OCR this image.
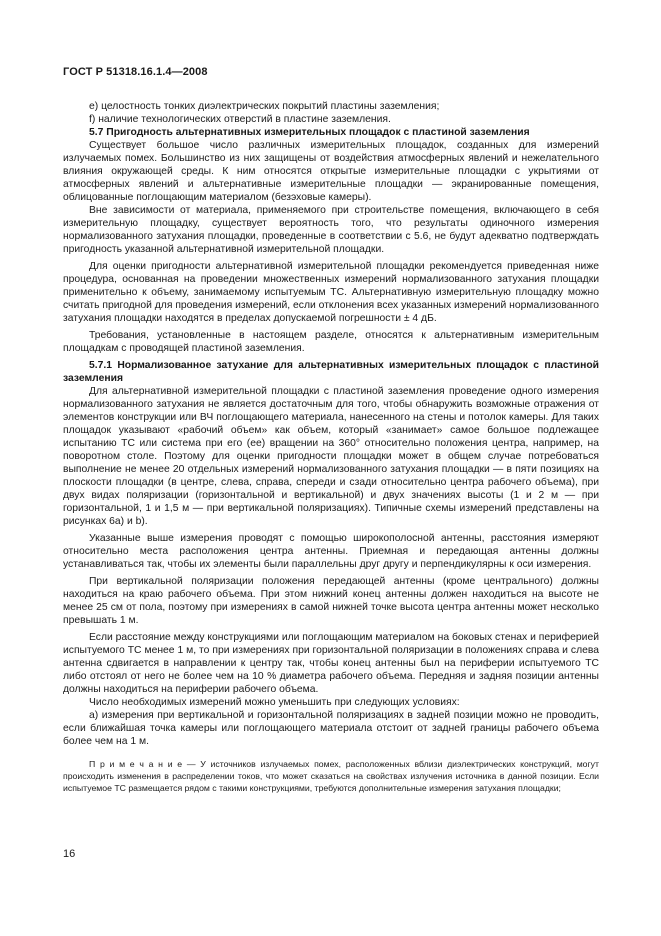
ГОСТ Р 51318.16.1.4—2008

е) целостность тонких диэлектрических покрытий пластины заземления;

f) наличие технологических отверстий в пластине заземления.

5.7 Пригодность альтернативных измерительных площадок с пластиной заземления

Существует большое число различных измерительных площадок, созданных для измерений излучаемых помех. Большинство из них защищены от воздействия атмосферных явлений и нежелательного влияния окружающей среды. К ним относятся открытые измерительные площадки с укрытиями от атмосферных явлений и альтернативные измерительные площадки — экранированные помещения, облицованные поглощающим материалом (безэховые камеры).

Вне зависимости от материала, применяемого при строительстве помещения, включающего в себя измерительную площадку, существует вероятность того, что результаты одиночного измерения нормализованного затухания площадки, проведенные в соответствии с 5.6, не будут адекватно подтверждать пригодность указанной альтернативной измерительной площадки.

Для оценки пригодности альтернативной измерительной площадки рекомендуется приведенная ниже процедура, основанная на проведении множественных измерений нормализованного затухания площадки применительно к объему, занимаемому испытуемым ТС. Альтернативную измерительную площадку можно считать пригодной для проведения измерений, если отклонения всех указанных измерений нормализованного затухания площадки находятся в пределах допускаемой погрешности ± 4 дБ.

Требования, установленные в настоящем разделе, относятся к альтернативным измерительным площадкам с проводящей пластиной заземления.

5.7.1 Нормализованное затухание для альтернативных измерительных площадок с пластиной заземления

Для альтернативной измерительной площадки с пластиной заземления проведение одного измерения нормализованного затухания не является достаточным для того, чтобы обнаружить возможные отражения от элементов конструкции или ВЧ поглощающего материала, нанесенного на стены и потолок камеры. Для таких площадок указывают «рабочий объем» как объем, который «занимает» самое большое подлежащее испытанию ТС или система при его (ее) вращении на 360° относительно положения центра, например, на поворотном столе. Поэтому для оценки пригодности площадки может в общем случае потребоваться выполнение не менее 20 отдельных измерений нормализованного затухания площадки — в пяти позициях на плоскости площадки (в центре, слева, справа, спереди и сзади относительно центра рабочего объема), при двух видах поляризации (горизонтальной и вертикальной) и двух значениях высоты (1 и 2 м — при горизонтальной, 1 и 1,5 м — при вертикальной поляризациях). Типичные схемы измерений представлены на рисунках 6а) и b).

Указанные выше измерения проводят с помощью широкополосной антенны, расстояния измеряют относительно места расположения центра антенны. Приемная и передающая антенны должны устанавливаться так, чтобы их элементы были параллельны друг другу и перпендикулярны к оси измерения.

При вертикальной поляризации положения передающей антенны (кроме центрального) должны находиться на краю рабочего объема. При этом нижний конец антенны должен находиться на высоте не менее 25 см от пола, поэтому при измерениях в самой нижней точке высота центра антенны может несколько превышать 1 м.

Если расстояние между конструкциями или поглощающим материалом на боковых стенах и периферией испытуемого ТС менее 1 м, то при измерениях при горизонтальной поляризации в положениях справа и слева антенна сдвигается в направлении к центру так, чтобы конец антенны был на периферии испытуемого ТС либо отстоял от него не более чем на 10 % диаметра рабочего объема. Передняя и задняя позиции антенны должны находиться на периферии рабочего объема.

Число необходимых измерений можно уменьшить при следующих условиях:

а) измерения при вертикальной и горизонтальной поляризациях в задней позиции можно не проводить, если ближайшая точка камеры или поглощающего материала отстоит от задней границы рабочего объема более чем на 1 м.

П р и м е ч а н и е — У источников излучаемых помех, расположенных вблизи диэлектрических конструкций, могут происходить изменения в распределении токов, что может сказаться на свойствах излучения источника в данной позиции. Если испытуемое ТС размещается рядом с такими конструкциями, требуются дополнительные измерения затухания площадки;

16
